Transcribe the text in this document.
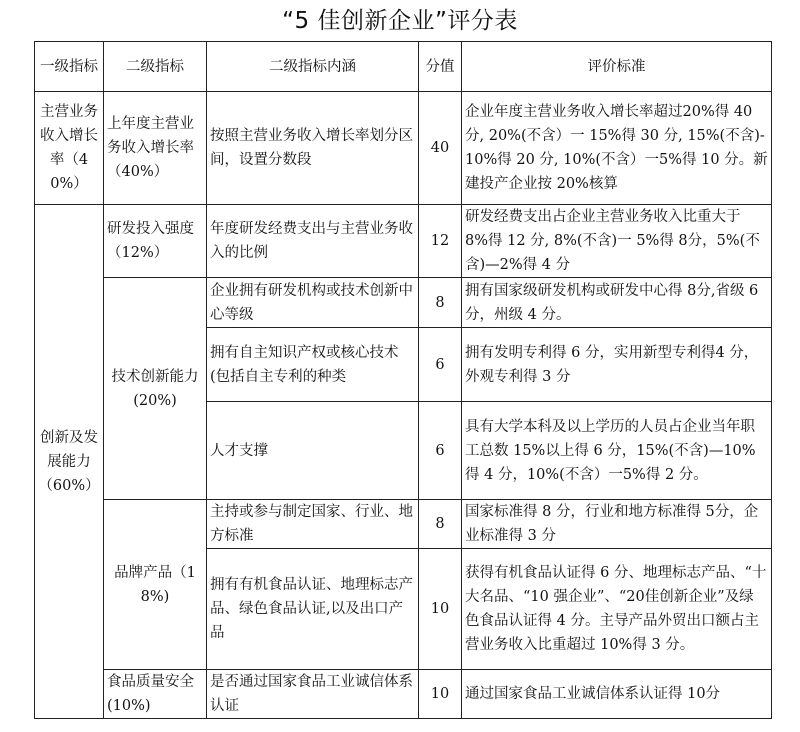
“5 佳创新企业”评分表
一级指标	二级指标	二级指标内涵	分值	评价标准
主营业务收入增长率（40%）	上年度主营业务收入增长率（40%）	按照主营业务收入增长率划分区间，设置分数段	40	企业年度主营业务收入增长率超过20%得 40 分, 20%(不含）一 15%得 30 分, 15%(不含)-10%得 20 分, 10%(不含）一5%得 10 分。新建投产企业按 20%核算
创新及发展能力（60%）	研发投入强度（12%）	年度研发经费支出与主营业务收入的比例	12	研发经费支出占企业主营业务收入比重大于 8%得 12 分, 8%(不含)一 5%得 8分，5%(不含)—2%得 4 分
	技术创新能力(20%)	企业拥有研发机构或技术创新中心等级	8	拥有国家级研发机构或研发中心得 8分,省级 6 分，州级 4 分。
		拥有自主知识产权或核心技术(包括自主专利的种类	6	拥有发明专利得 6 分，实用新型专利得4 分，外观专利得 3 分
		人才支撑	6	具有大学本科及以上学历的人员占企业当年职工总数 15%以上得 6 分，15%(不含)—10%得 4 分，10%(不含）一5%得 2 分。
	品牌产品（18%)	主持或参与制定国家、行业、地方标准	8	国家标准得 8 分，行业和地方标准得 5分，企业标准得 3 分
		拥有有机食品认证、地理标志产品、绿色食品认证,以及出口产品	10	获得有机食品认证得 6 分、地理标志产品、“十大名品、“10 强企业”、“20佳创新企业”及绿色食品认证得 4 分。主导产品外贸出口额占主营业务收入比重超过 10%得 3 分。
	食品质量安全(10%)	是否通过国家食品工业诚信体系认证	10	通过国家食品工业诚信体系认证得 10分
